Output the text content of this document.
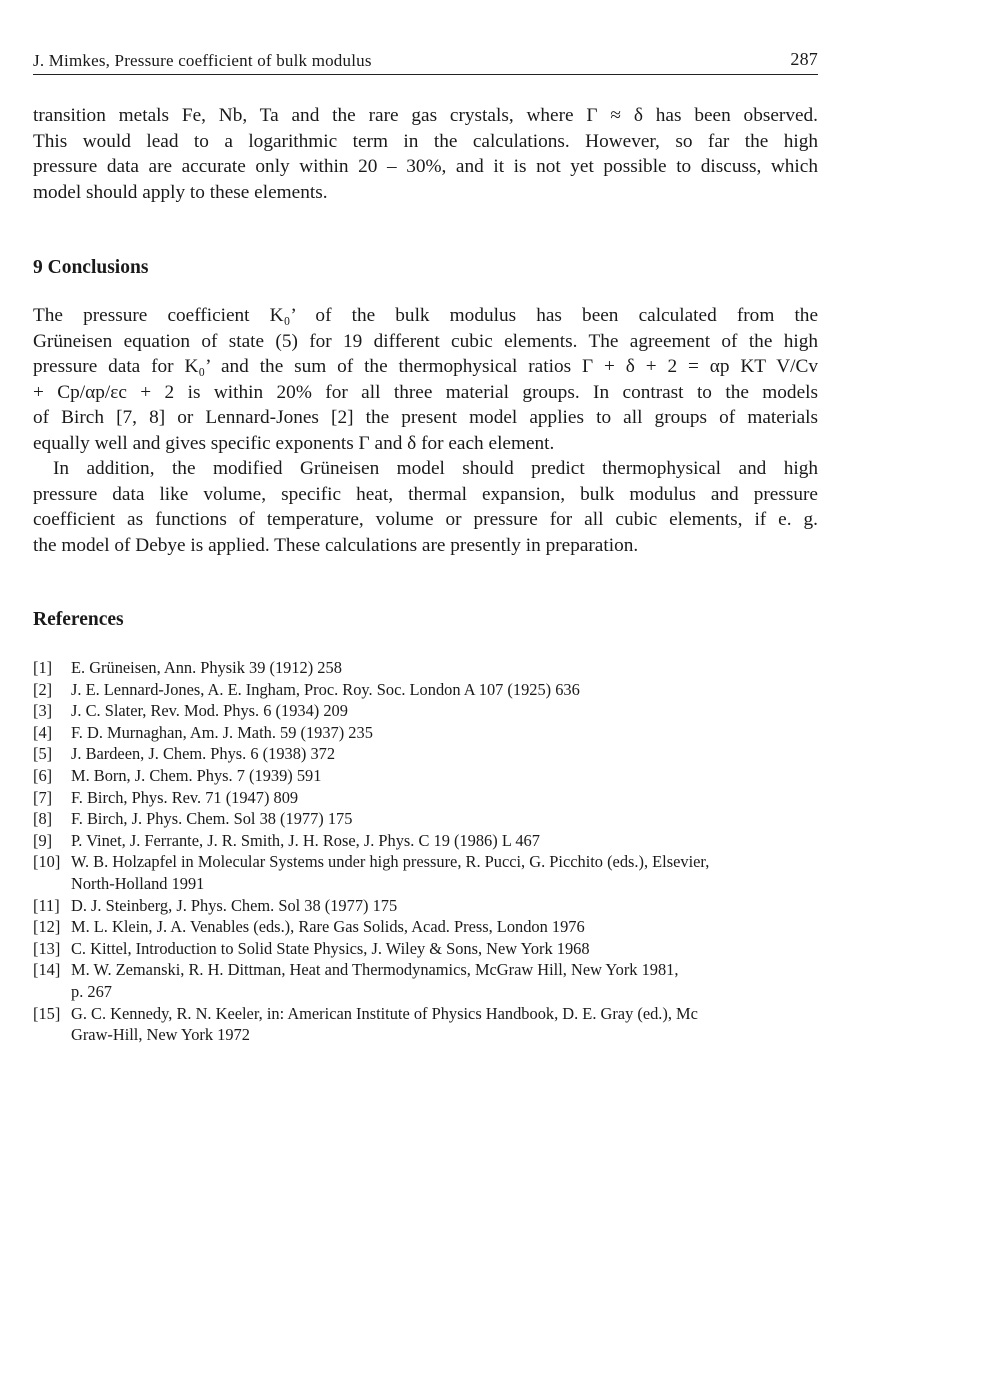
J. Mimkes, Pressure coefficient of bulk modulus	287
transition metals Fe, Nb, Ta and the rare gas crystals, where Γ ≈ δ has been observed.
This would lead to a logarithmic term in the calculations. However, so far the high
pressure data are accurate only within 20 – 30%, and it is not yet possible to discuss, which
model should apply to these elements.
9 Conclusions
The pressure coefficient K₀’ of the bulk modulus has been calculated from the
Grüneisen equation of state (5) for 19 different cubic elements. The agreement of the high
pressure data for K₀’ and the sum of the thermophysical ratios Γ + δ + 2 = αp KT V/Cv
+ Cp/αp/εc + 2 is within 20% for all three material groups. In contrast to the models
of Birch [7, 8] or Lennard-Jones [2] the present model applies to all groups of materials
equally well and gives specific exponents Γ and δ for each element.
In addition, the modified Grüneisen model should predict thermophysical and high
pressure data like volume, specific heat, thermal expansion, bulk modulus and pressure
coefficient as functions of temperature, volume or pressure for all cubic elements, if e. g.
the model of Debye is applied. These calculations are presently in preparation.
References
[1] E. Grüneisen, Ann. Physik 39 (1912) 258
[2] J. E. Lennard-Jones, A. E. Ingham, Proc. Roy. Soc. London A 107 (1925) 636
[3] J. C. Slater, Rev. Mod. Phys. 6 (1934) 209
[4] F. D. Murnaghan, Am. J. Math. 59 (1937) 235
[5] J. Bardeen, J. Chem. Phys. 6 (1938) 372
[6] M. Born, J. Chem. Phys. 7 (1939) 591
[7] F. Birch, Phys. Rev. 71 (1947) 809
[8] F. Birch, J. Phys. Chem. Sol 38 (1977) 175
[9] P. Vinet, J. Ferrante, J. R. Smith, J. H. Rose, J. Phys. C 19 (1986) L 467
[10] W. B. Holzapfel in Molecular Systems under high pressure, R. Pucci, G. Picchito (eds.), Elsevier,
North-Holland 1991
[11] D. J. Steinberg, J. Phys. Chem. Sol 38 (1977) 175
[12] M. L. Klein, J. A. Venables (eds.), Rare Gas Solids, Acad. Press, London 1976
[13] C. Kittel, Introduction to Solid State Physics, J. Wiley & Sons, New York 1968
[14] M. W. Zemanski, R. H. Dittman, Heat and Thermodynamics, McGraw Hill, New York 1981,
p. 267
[15] G. C. Kennedy, R. N. Keeler, in: American Institute of Physics Handbook, D. E. Gray (ed.), Mc
Graw-Hill, New York 1972
